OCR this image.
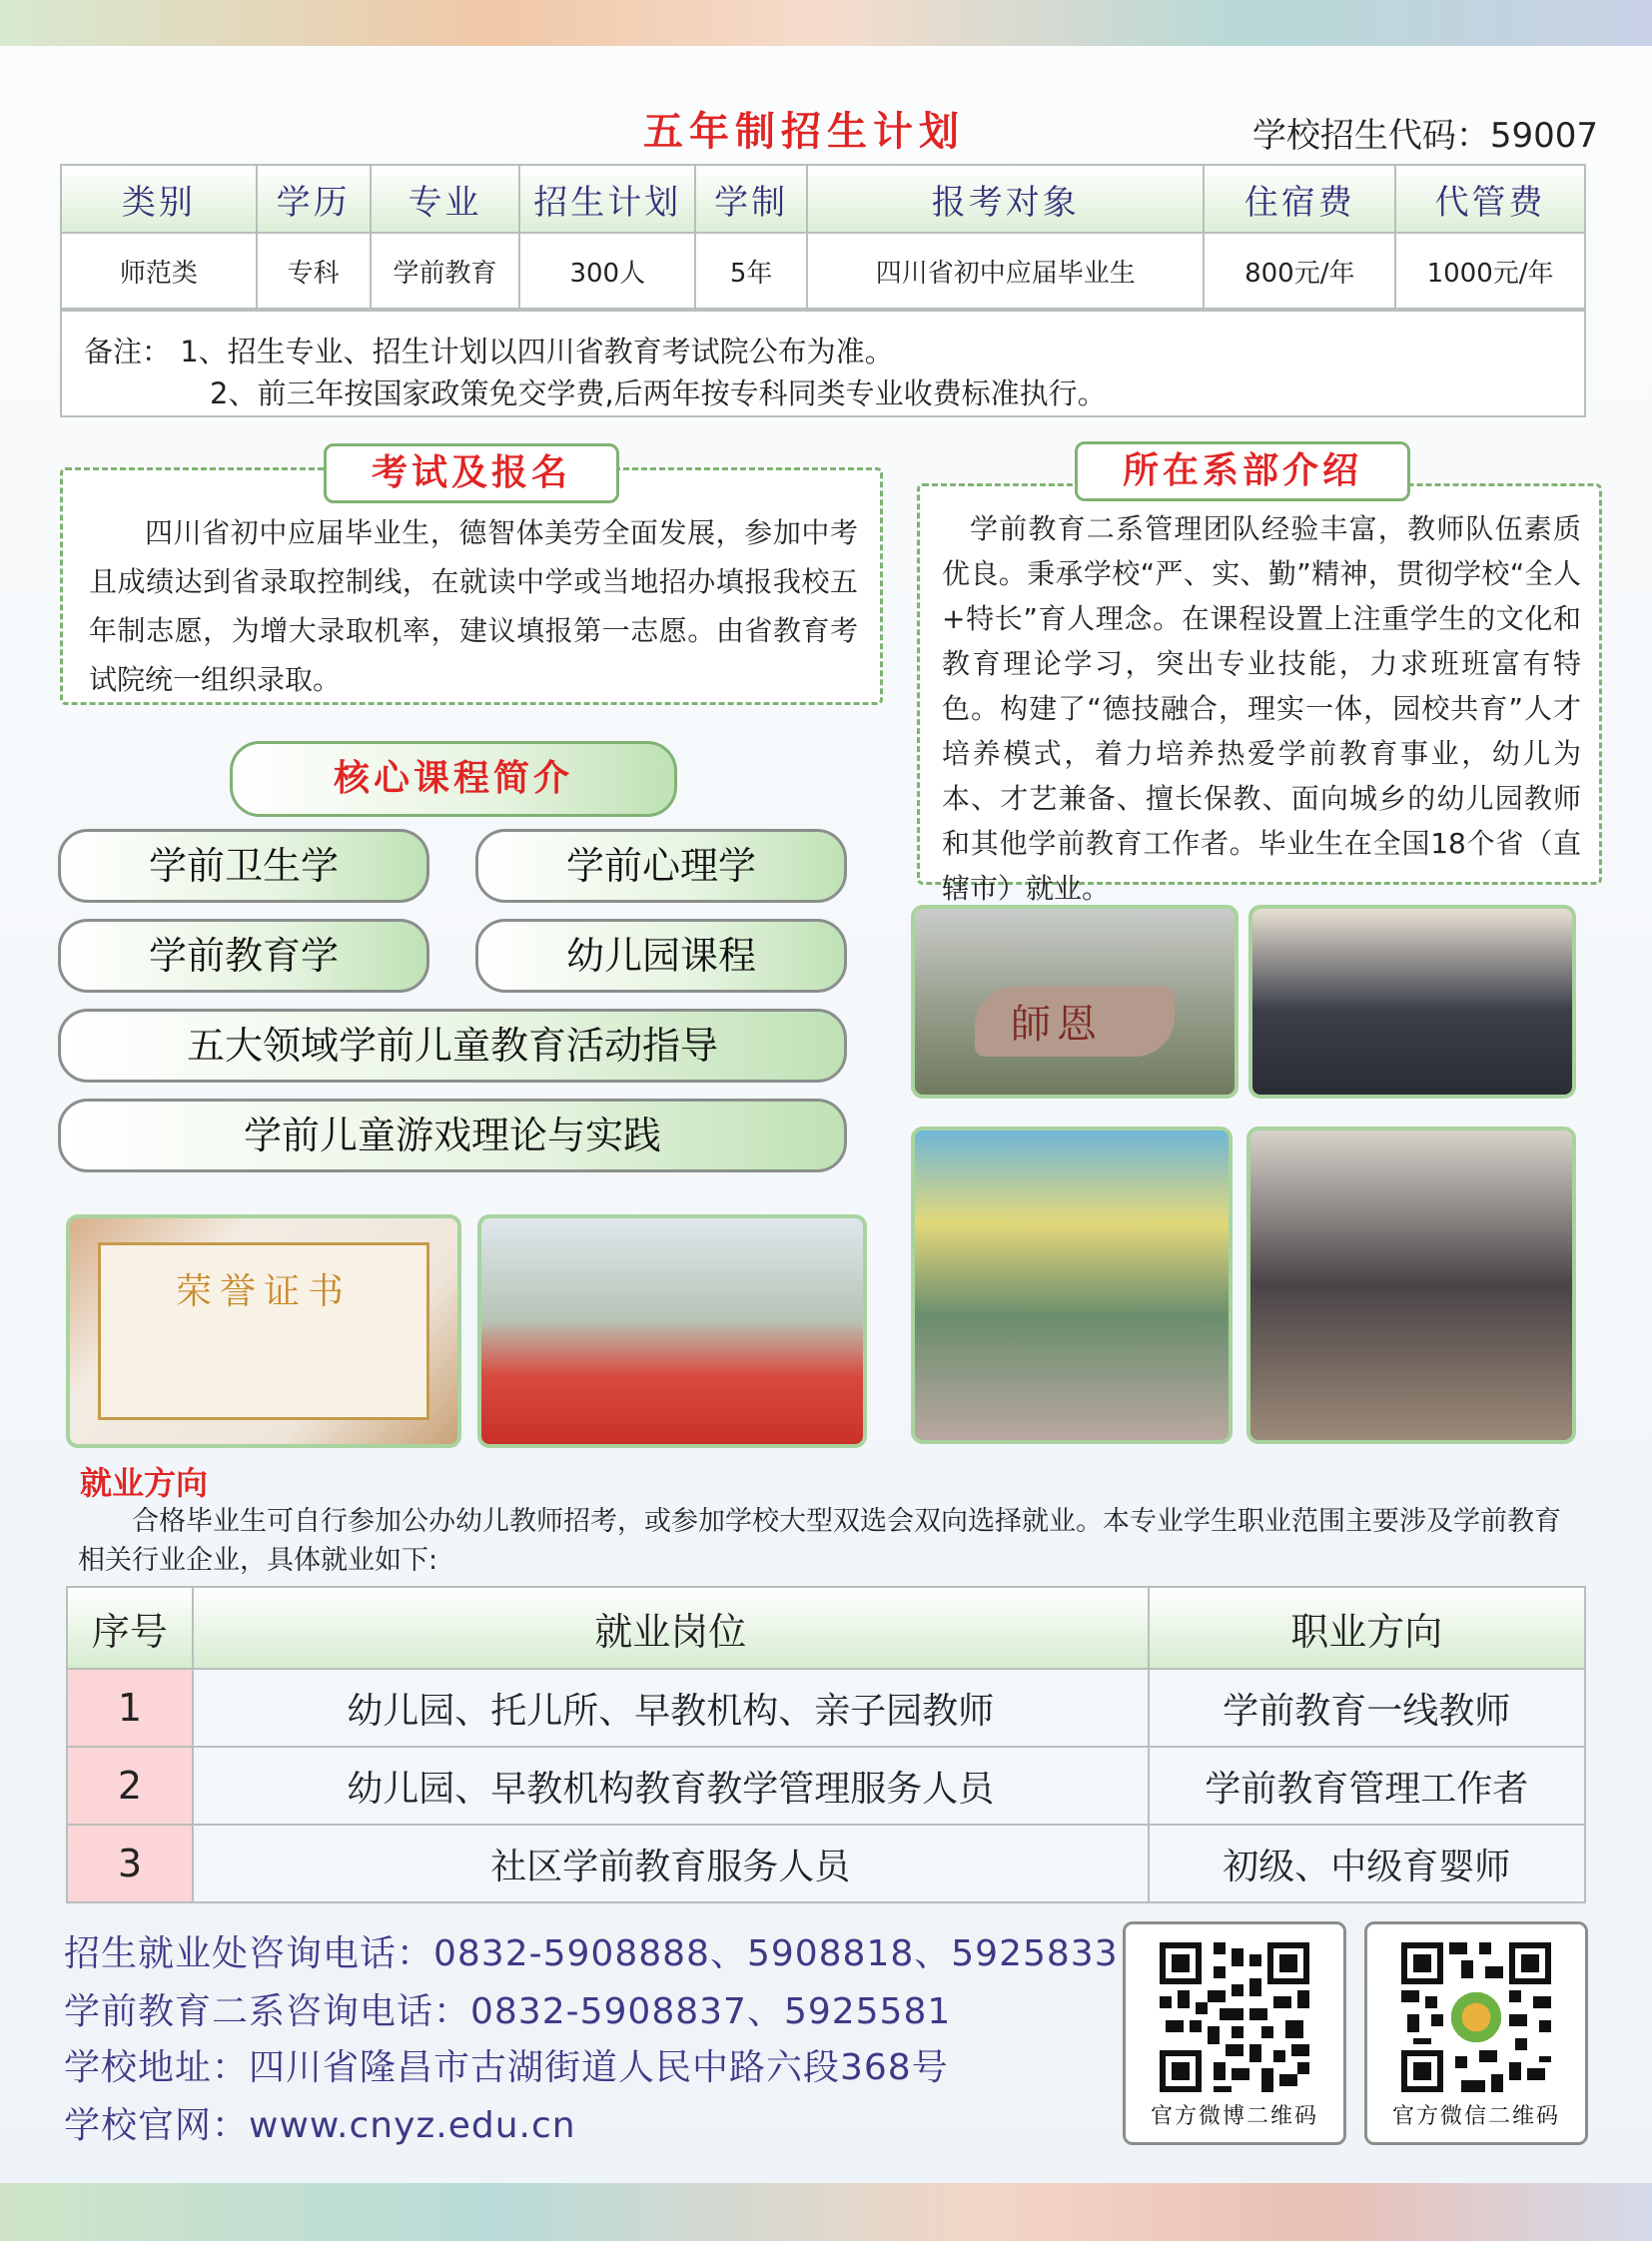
五年制招生计划	学校招生代码：59007
类别	学历	专业	招生计划	学制	报考对象	住宿费	代管费
师范类	专科	学前教育	300人	5年	四川省初中应届毕业生	800元/年	1000元/年
备注： 1、招生专业、招生计划以四川省教育考试院公布为准。
2、前三年按国家政策免交学费,后两年按专科同类专业收费标准执行。
四川省初中应届毕业生，德智体美劳全面发展，参加中考且成绩达到省录取控制线，在就读中学或当地招办填报我校五年制志愿，为增大录取机率，建议填报第一志愿。由省教育考试院统一组织录取。
考试及报名
学前教育二系管理团队经验丰富，教师队伍素质优良。秉承学校“严、实、勤”精神，贯彻学校“全人+特长”育人理念。在课程设置上注重学生的文化和教育理论学习，突出专业技能，力求班班富有特色。构建了“德技融合，理实一体，园校共育”人才培养模式，着力培养热爱学前教育事业，幼儿为本、才艺兼备、擅长保教、面向城乡的幼儿园教师和其他学前教育工作者。毕业生在全国18个省（直辖市）就业。
所在系部介绍
核心课程简介
学前卫生学	学前心理学
学前教育学	幼儿园课程
五大领域学前儿童教育活动指导
学前儿童游戏理论与实践
師恩
荣誉证书
就业方向
合格毕业生可自行参加公办幼儿教师招考，或参加学校大型双选会双向选择就业。本专业学生职业范围主要涉及学前教育相关行业企业，具体就业如下:
序号	就业岗位	职业方向
1	幼儿园、托儿所、早教机构、亲子园教师	学前教育一线教师
2	幼儿园、早教机构教育教学管理服务人员	学前教育管理工作者
3	社区学前教育服务人员	初级、中级育婴师
招生就业处咨询电话：0832-5908888、5908818、5925833
学前教育二系咨询电话：0832-5908837、5925581
学校地址：四川省隆昌市古湖街道人民中路六段368号
学校官网：www.cnyz.edu.cn	官方微博二维码	官方微信二维码
